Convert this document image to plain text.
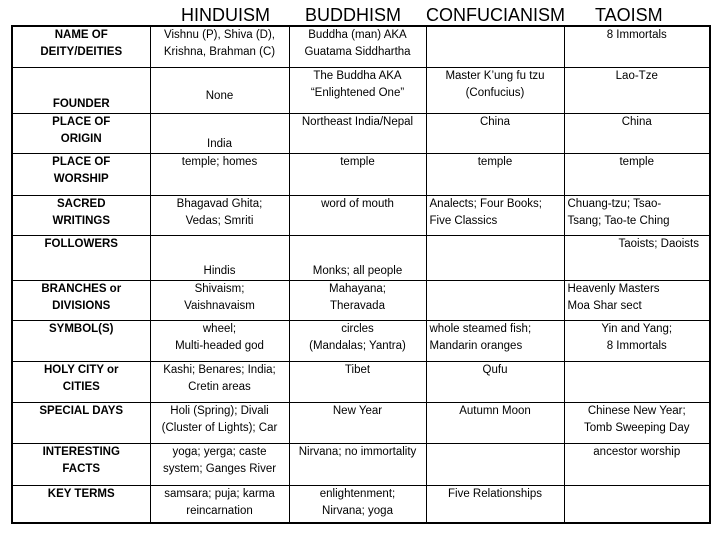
HINDUISM BUDDHISM CONFUCIANISM TAOISM
NAME OF
DEITY/DEITIES	Vishnu (P), Shiva (D),
Krishna, Brahman (C)	Buddha (man) AKA
Guatama Siddhartha		8 Immortals

FOUNDER	None	The Buddha AKA
“Enlightened One”	Master K’ung fu tzu
(Confucius)	Lao-Tze

PLACE OF
ORIGIN	India	Northeast India/Nepal	China	China

PLACE OF
WORSHIP	temple; homes	temple	temple	temple

SACRED
WRITINGS	Bhagavad Ghita;
Vedas; Smriti	word of mouth	Analects; Four Books;
Five Classics	Chuang-tzu; Tsao-
Tsang; Tao-te Ching

FOLLOWERS	Hindis	Monks; all people		Taoists; Daoists

BRANCHES or
DIVISIONS	Shivaism;
Vaishnavaism	Mahayana;
Theravada		Heavenly Masters
Moa Shar sect

SYMBOL(S)	wheel;
Multi-headed god	circles
(Mandalas; Yantra)	whole steamed fish;
Mandarin oranges	Yin and Yang;
8 Immortals

HOLY CITY or
CITIES	Kashi; Benares; India;
Cretin areas	Tibet	Qufu	

SPECIAL DAYS	Holi (Spring); Divali
(Cluster of Lights); Car	New Year	Autumn Moon	Chinese New Year;
Tomb Sweeping Day

INTERESTING
FACTS	yoga; yerga; caste
system; Ganges River	Nirvana; no immortality		ancestor worship

KEY TERMS	samsara; puja; karma
reincarnation	enlightenment;
Nirvana; yoga	Five Relationships	
